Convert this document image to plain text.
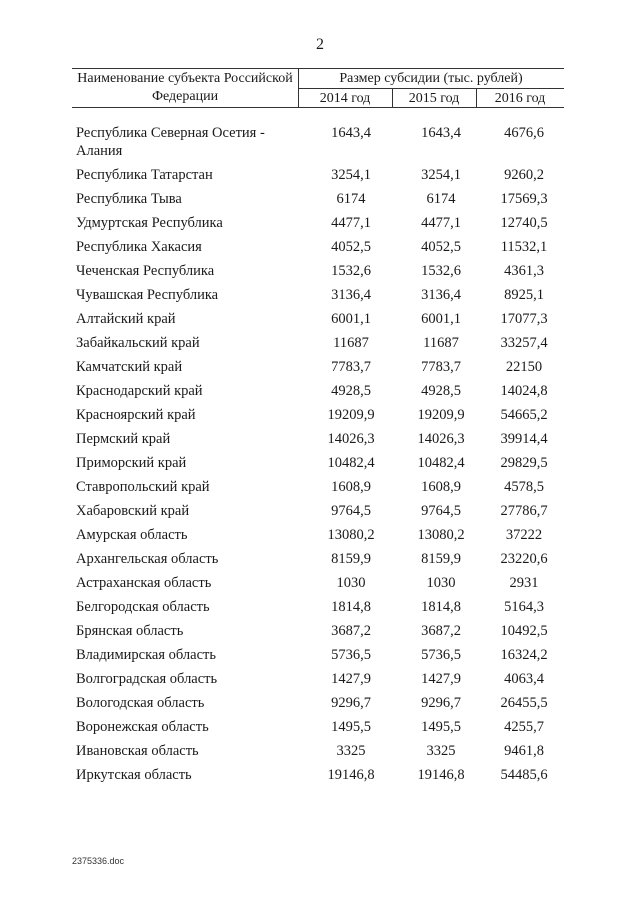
2
Наименование субъекта Российской Федерации
Размер субсидии (тыс. рублей)
2014 год	2015 год	2016 год
Республика Северная Осетия - Алания
1643,4	1643,4	4676,6
Республика Татарстан	3254,1	3254,1	9260,2
Республика Тыва	6174	6174	17569,3
Удмуртская Республика	4477,1	4477,1	12740,5
Республика Хакасия	4052,5	4052,5	11532,1
Чеченская Республика	1532,6	1532,6	4361,3
Чувашская Республика	3136,4	3136,4	8925,1
Алтайский край	6001,1	6001,1	17077,3
Забайкальский край	11687	11687	33257,4
Камчатский край	7783,7	7783,7	22150
Краснодарский край	4928,5	4928,5	14024,8
Красноярский край	19209,9	19209,9	54665,2
Пермский край	14026,3	14026,3	39914,4
Приморский край	10482,4	10482,4	29829,5
Ставропольский край	1608,9	1608,9	4578,5
Хабаровский край	9764,5	9764,5	27786,7
Амурская область	13080,2	13080,2	37222
Архангельская область	8159,9	8159,9	23220,6
Астраханская область	1030	1030	2931
Белгородская область	1814,8	1814,8	5164,3
Брянская область	3687,2	3687,2	10492,5
Владимирская область	5736,5	5736,5	16324,2
Волгоградская область	1427,9	1427,9	4063,4
Вологодская область	9296,7	9296,7	26455,5
Воронежская область	1495,5	1495,5	4255,7
Ивановская область	3325	3325	9461,8
Иркутская область	19146,8	19146,8	54485,6
2375336.doc
